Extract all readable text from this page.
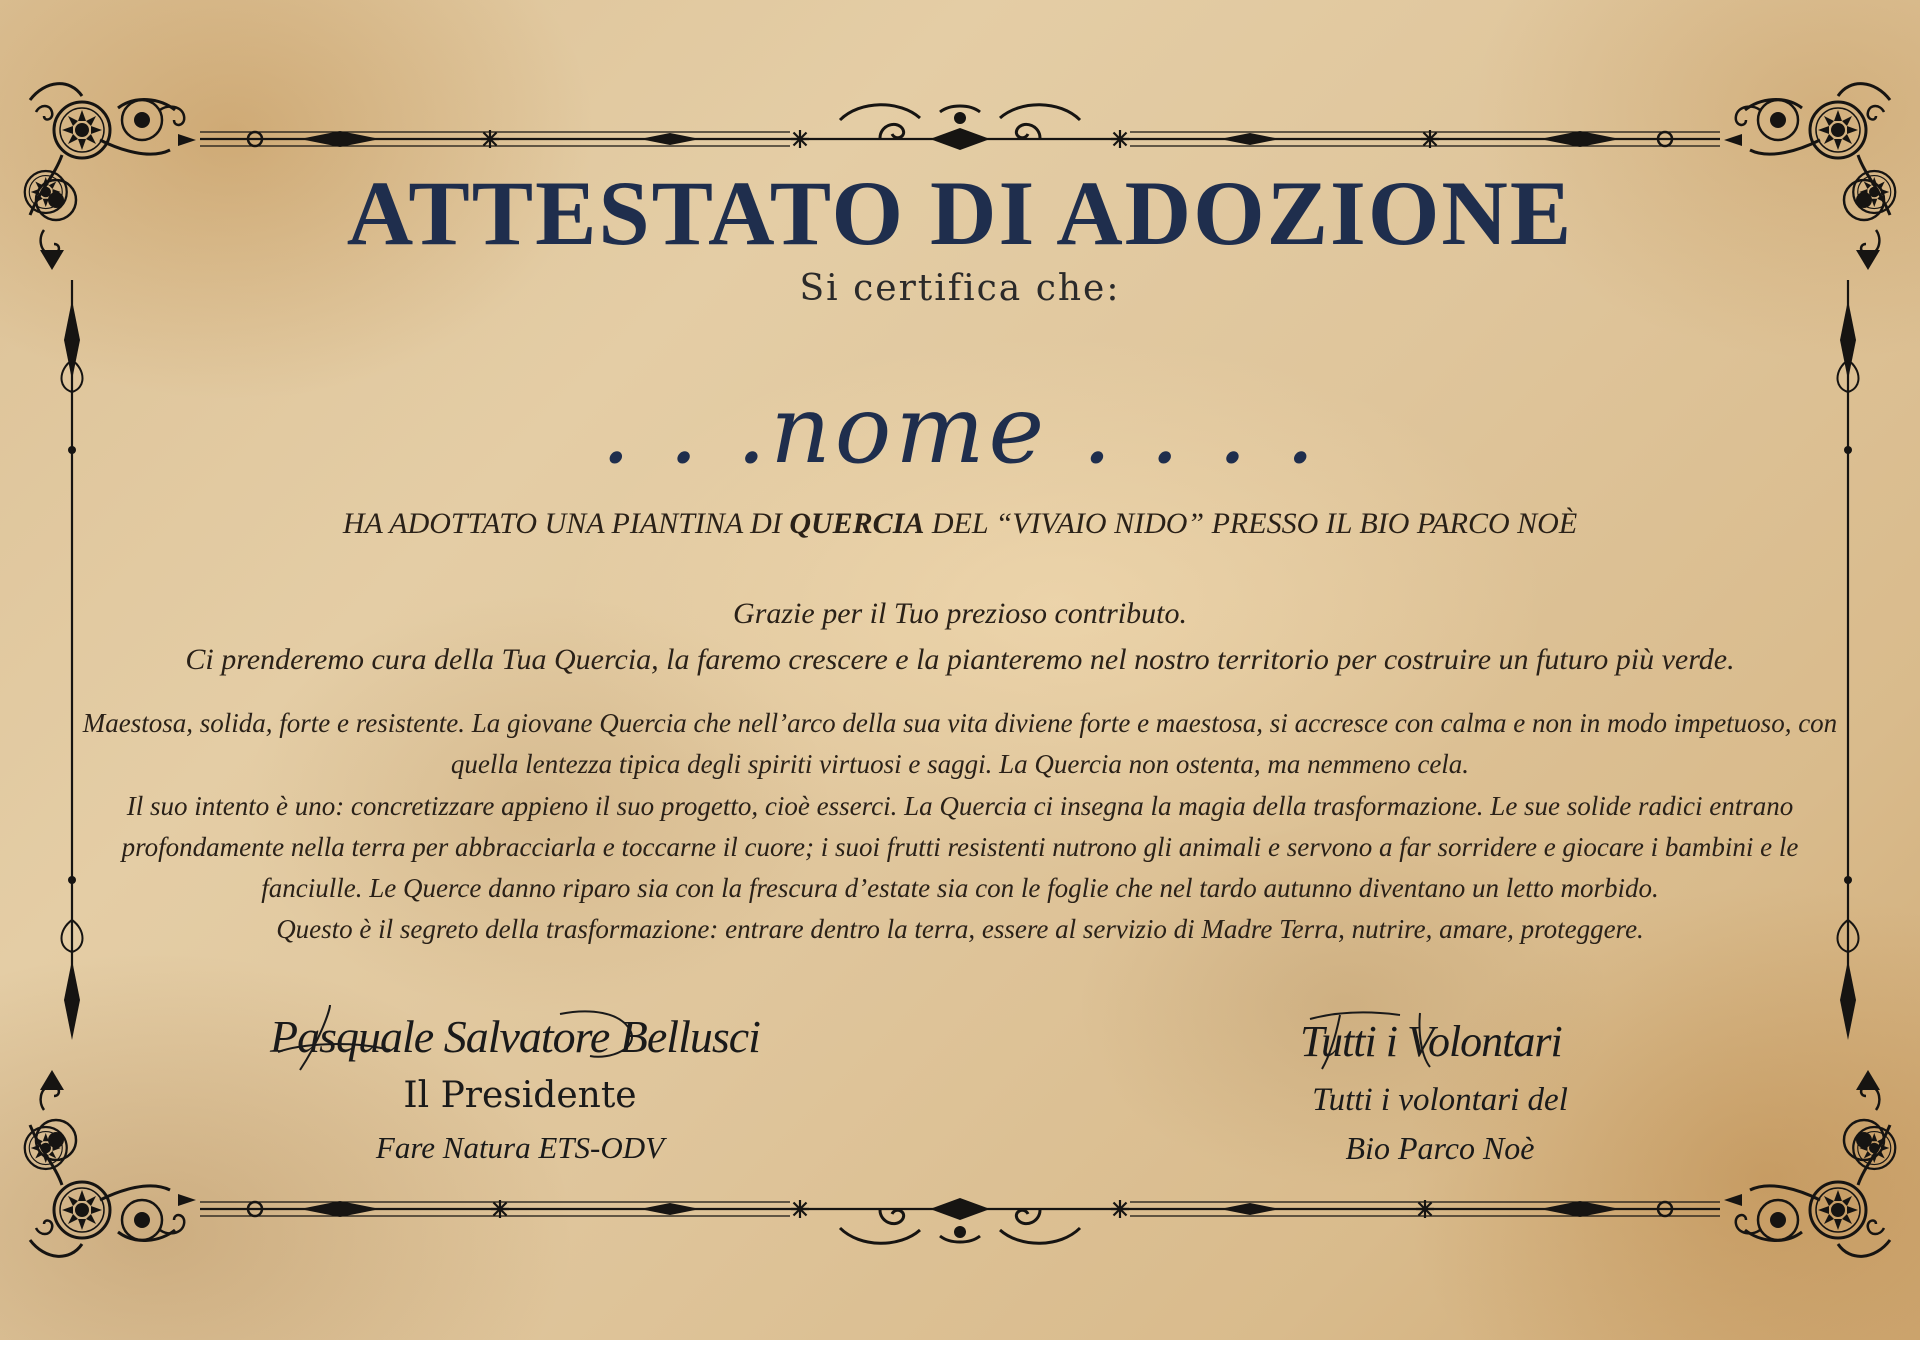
ATTESTATO DI ADOZIONE
Si certifica che:
. . .nome . . . .
HA ADOTTATO UNA PIANTINA DI QUERCIA DEL “VIVAIO NIDO” PRESSO IL BIO PARCO NOÈ
Grazie per il Tuo prezioso contributo.
Ci prenderemo cura della Tua Quercia, la faremo crescere e la pianteremo nel nostro territorio per costruire un futuro più verde.

Maestosa, solida, forte e resistente. La giovane Quercia che nell’arco della sua vita diviene forte e maestosa, si accresce con calma e non in modo impetuoso, con quella lentezza tipica degli spiriti virtuosi e saggi. La Quercia non ostenta, ma nemmeno cela.

Il suo intento è uno: concretizzare appieno il suo progetto, cioè esserci. La Quercia ci insegna la magia della trasformazione. Le sue solide radici entrano profondamente nella terra per abbracciarla e toccarne il cuore; i suoi frutti resistenti nutrono gli animali e servono a far sorridere e giocare i bambini e le fanciulle. Le Querce danno riparo sia con la frescura d’estate sia con le foglie che nel tardo autunno diventano un letto morbido.

Questo è il segreto della trasformazione: entrare dentro la terra, essere al servizio di Madre Terra, nutrire, amare, proteggere.

Pasquale Salvatore Bellusci
Il Presidente
Fare Natura ETS-ODV
Tutti i Volontari
Tutti i volontari del
Bio Parco Noè
